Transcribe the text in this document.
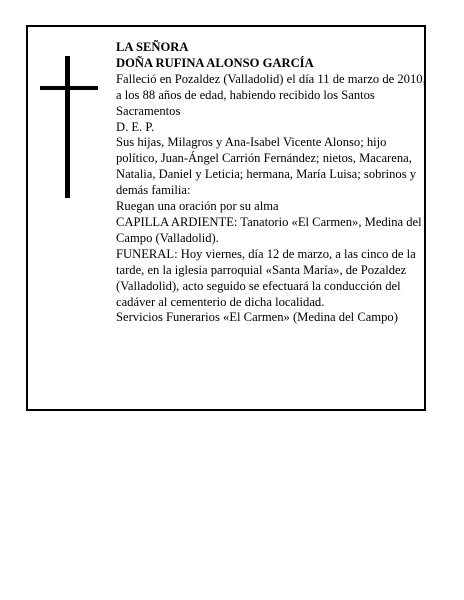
LA SEÑORA

DOÑA RUFINA ALONSO GARCÍA

Falleció en Pozaldez (Valladolid) el día 11 de marzo de 2010, a los 88 años de edad, habiendo recibido los Santos Sacramentos

D. E. P.

Sus hijas, Milagros y Ana-Isabel Vicente Alonso; hijo político, Juan-Ángel Carrión Fernández; nietos, Macarena, Natalia, Daniel y Leticia; hermana, María Luisa; sobrinos y demás familia:

Ruegan una oración por su alma

CAPILLA ARDIENTE: Tanatorio «El Carmen», Medina del Campo (Valladolid).

FUNERAL: Hoy viernes, día 12 de marzo, a las cinco de la tarde, en la iglesia parroquial «Santa María», de Pozaldez (Valladolid), acto seguido se efectuará la conducción del cadáver al cementerio de dicha localidad.

Servicios Funerarios «El Carmen» (Medina del Campo)
